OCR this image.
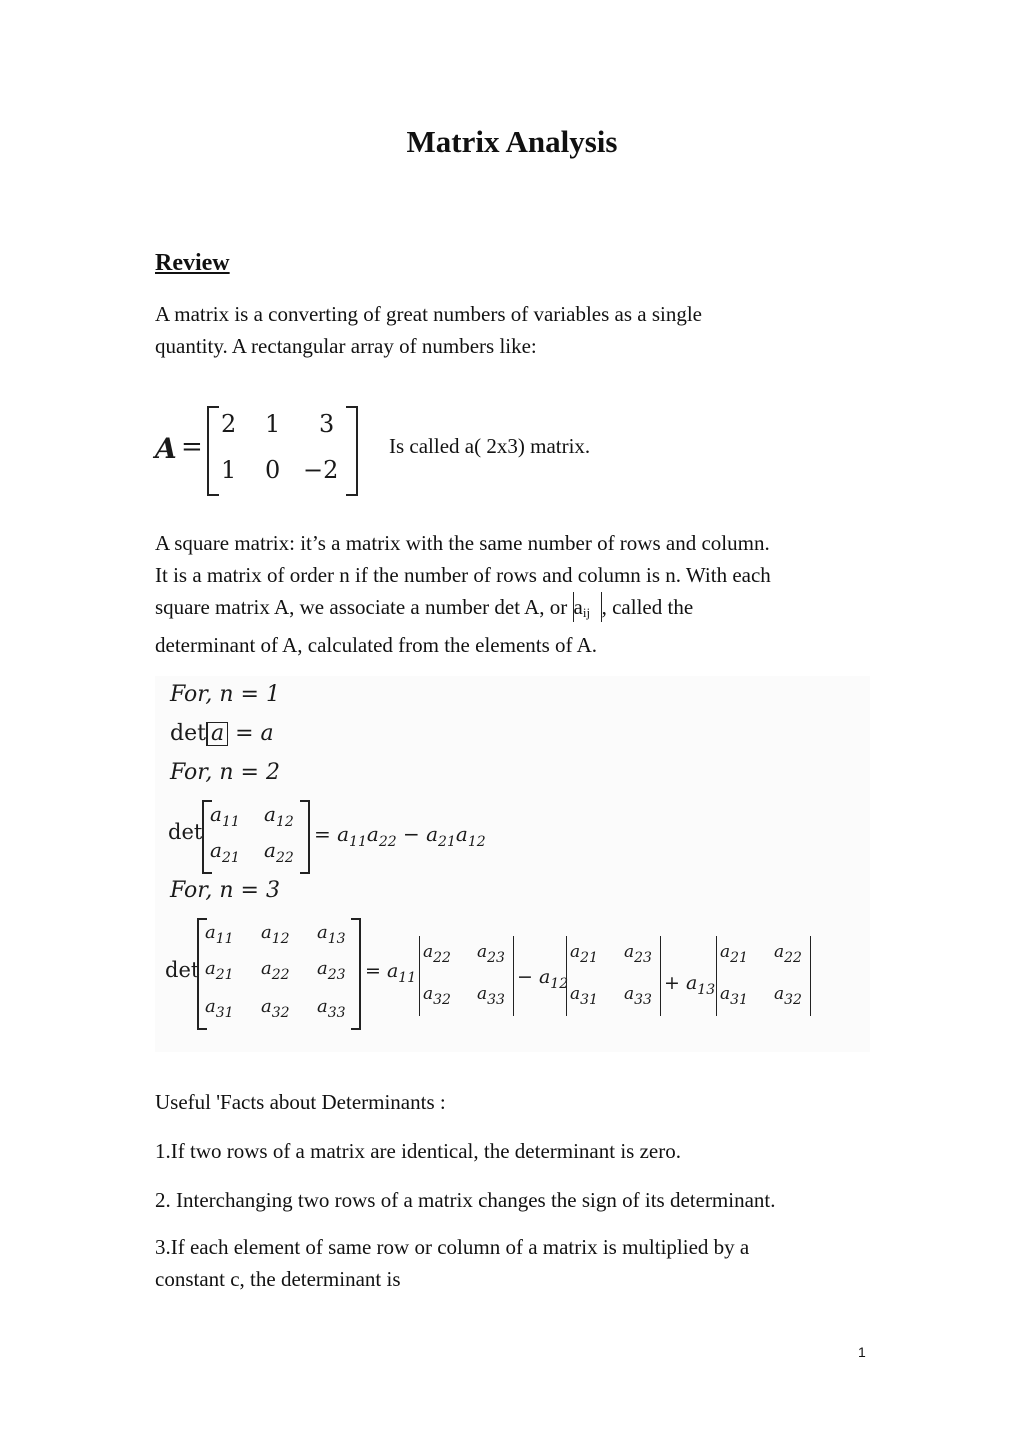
Matrix Analysis
Review
A matrix is a converting of great numbers of variables as a single
quantity. A rectangular array of numbers like:
A =
2 1 3
1 0 −2
Is called a( 2x3) matrix.
A square matrix: it’s a matrix with the same number of rows and column.
It is a matrix of order n if the number of rows and column is n. With each
square matrix A, we associate a number det A, or aij , called the
determinant of A, calculated from the elements of A.
For, n = 1
det a = a
For, n = 2
det
$a_{11}$ $a_{12}$
$a_{21}$ $a_{22}$
= $a_{11}a_{22} - a_{21}a_{12}$
For, n = 3
det
$a_{11}$ $a_{12}$ $a_{13}$
$a_{21}$ $a_{22}$ $a_{23}$
$a_{31}$ $a_{32}$ $a_{33}$
= $a_{11}$
$a_{22}$ $a_{23}$
$a_{32}$ $a_{33}$
− $a_{12}$
$a_{21}$ $a_{23}$
$a_{31}$ $a_{33}$
+ $a_{13}$
$a_{21}$ $a_{22}$
$a_{31}$ $a_{32}$
Useful 'Facts about Determinants :
1.If two rows of a matrix are identical, the determinant is zero.
2. Interchanging two rows of a matrix changes the sign of its determinant.
3.If each element of same row or column of a matrix is multiplied by a
constant c, the determinant is
1
